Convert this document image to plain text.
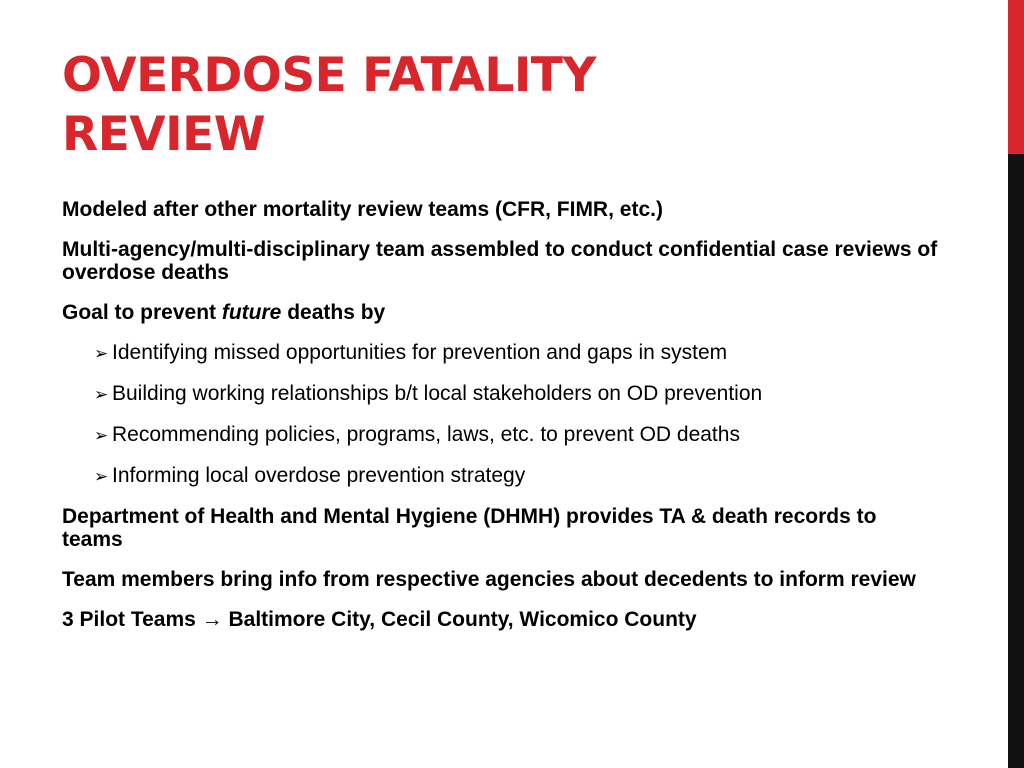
OVERDOSE FATALITY
REVIEW

Modeled after other mortality review teams (CFR, FIMR, etc.)

Multi-agency/multi-disciplinary team assembled to conduct confidential case reviews of overdose deaths

Goal to prevent future deaths by

➢ Identifying missed opportunities for prevention and gaps in system
➢ Building working relationships b/t local stakeholders on OD prevention
➢ Recommending policies, programs, laws, etc. to prevent OD deaths
➢ Informing local overdose prevention strategy

Department of Health and Mental Hygiene (DHMH) provides TA & death records to teams

Team members bring info from respective agencies about decedents to inform review

3 Pilot Teams → Baltimore City, Cecil County, Wicomico County
